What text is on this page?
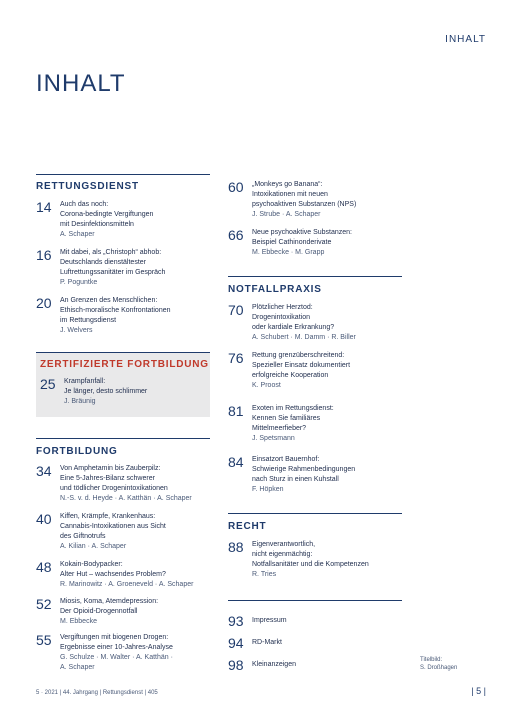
INHALT
INHALT
RETTUNGSDIENST
14	Auch das noch:
Corona-bedingte Vergiftungen
mit Desinfektionsmitteln
A. Schaper
16	Mit dabei, als „Christoph“ abhob:
Deutschlands dienstältester
Luftrettungssanitäter im Gespräch
P. Poguntke
20	An Grenzen des Menschlichen:
Ethisch-moralische Konfrontationen
im Rettungsdienst
J. Welvers
ZERTIFIZIERTE FORTBILDUNG
25	Krampfanfall:
Je länger, desto schlimmer
J. Bräunig
FORTBILDUNG
34	Von Amphetamin bis Zauberpilz:
Eine 5-Jahres-Bilanz schwerer
und tödlicher Drogenintoxikationen
N.-S. v. d. Heyde · A. Katthän · A. Schaper
40	Kiffen, Krämpfe, Krankenhaus:
Cannabis-Intoxikationen aus Sicht
des Giftnotrufs
A. Kilian · A. Schaper
48	Kokain-Bodypacker:
Alter Hut – wachsendes Problem?
R. Marinowitz · A. Groeneveld · A. Schaper
52	Miosis, Koma, Atemdepression:
Der Opioid-Drogennotfall
M. Ebbecke
55	Vergiftungen mit biogenen Drogen:
Ergebnisse einer 10-Jahres-Analyse
G. Schulze · M. Walter · A. Katthän ·
A. Schaper
60	„Monkeys go Banana“:
Intoxikationen mit neuen
psychoaktiven Substanzen (NPS)
J. Strube · A. Schaper
66	Neue psychoaktive Substanzen:
Beispiel Cathinonderivate
M. Ebbecke · M. Grapp
NOTFALLPRAXIS
70	Plötzlicher Herztod:
Drogenintoxikation
oder kardiale Erkrankung?
A. Schubert · M. Damm · R. Biller
76	Rettung grenzüberschreitend:
Spezieller Einsatz dokumentiert
erfolgreiche Kooperation
K. Proost
81	Exoten im Rettungsdienst:
Kennen Sie familiäres
Mittelmeerfieber?
J. Spetsmann
84	Einsatzort Bauernhof:
Schwierige Rahmenbedingungen
nach Sturz in einen Kuhstall
F. Höpken
RECHT
88	Eigenverantwortlich,
nicht eigenmächtig:
Notfallsanitäter und die Kompetenzen
R. Tries
93	Impressum
94	RD-Markt
98	Kleinanzeigen
Titelbild:
S. Droßhagen
5 · 2021 | 44. Jahrgang | Rettungsdienst | 405	| 5 |
